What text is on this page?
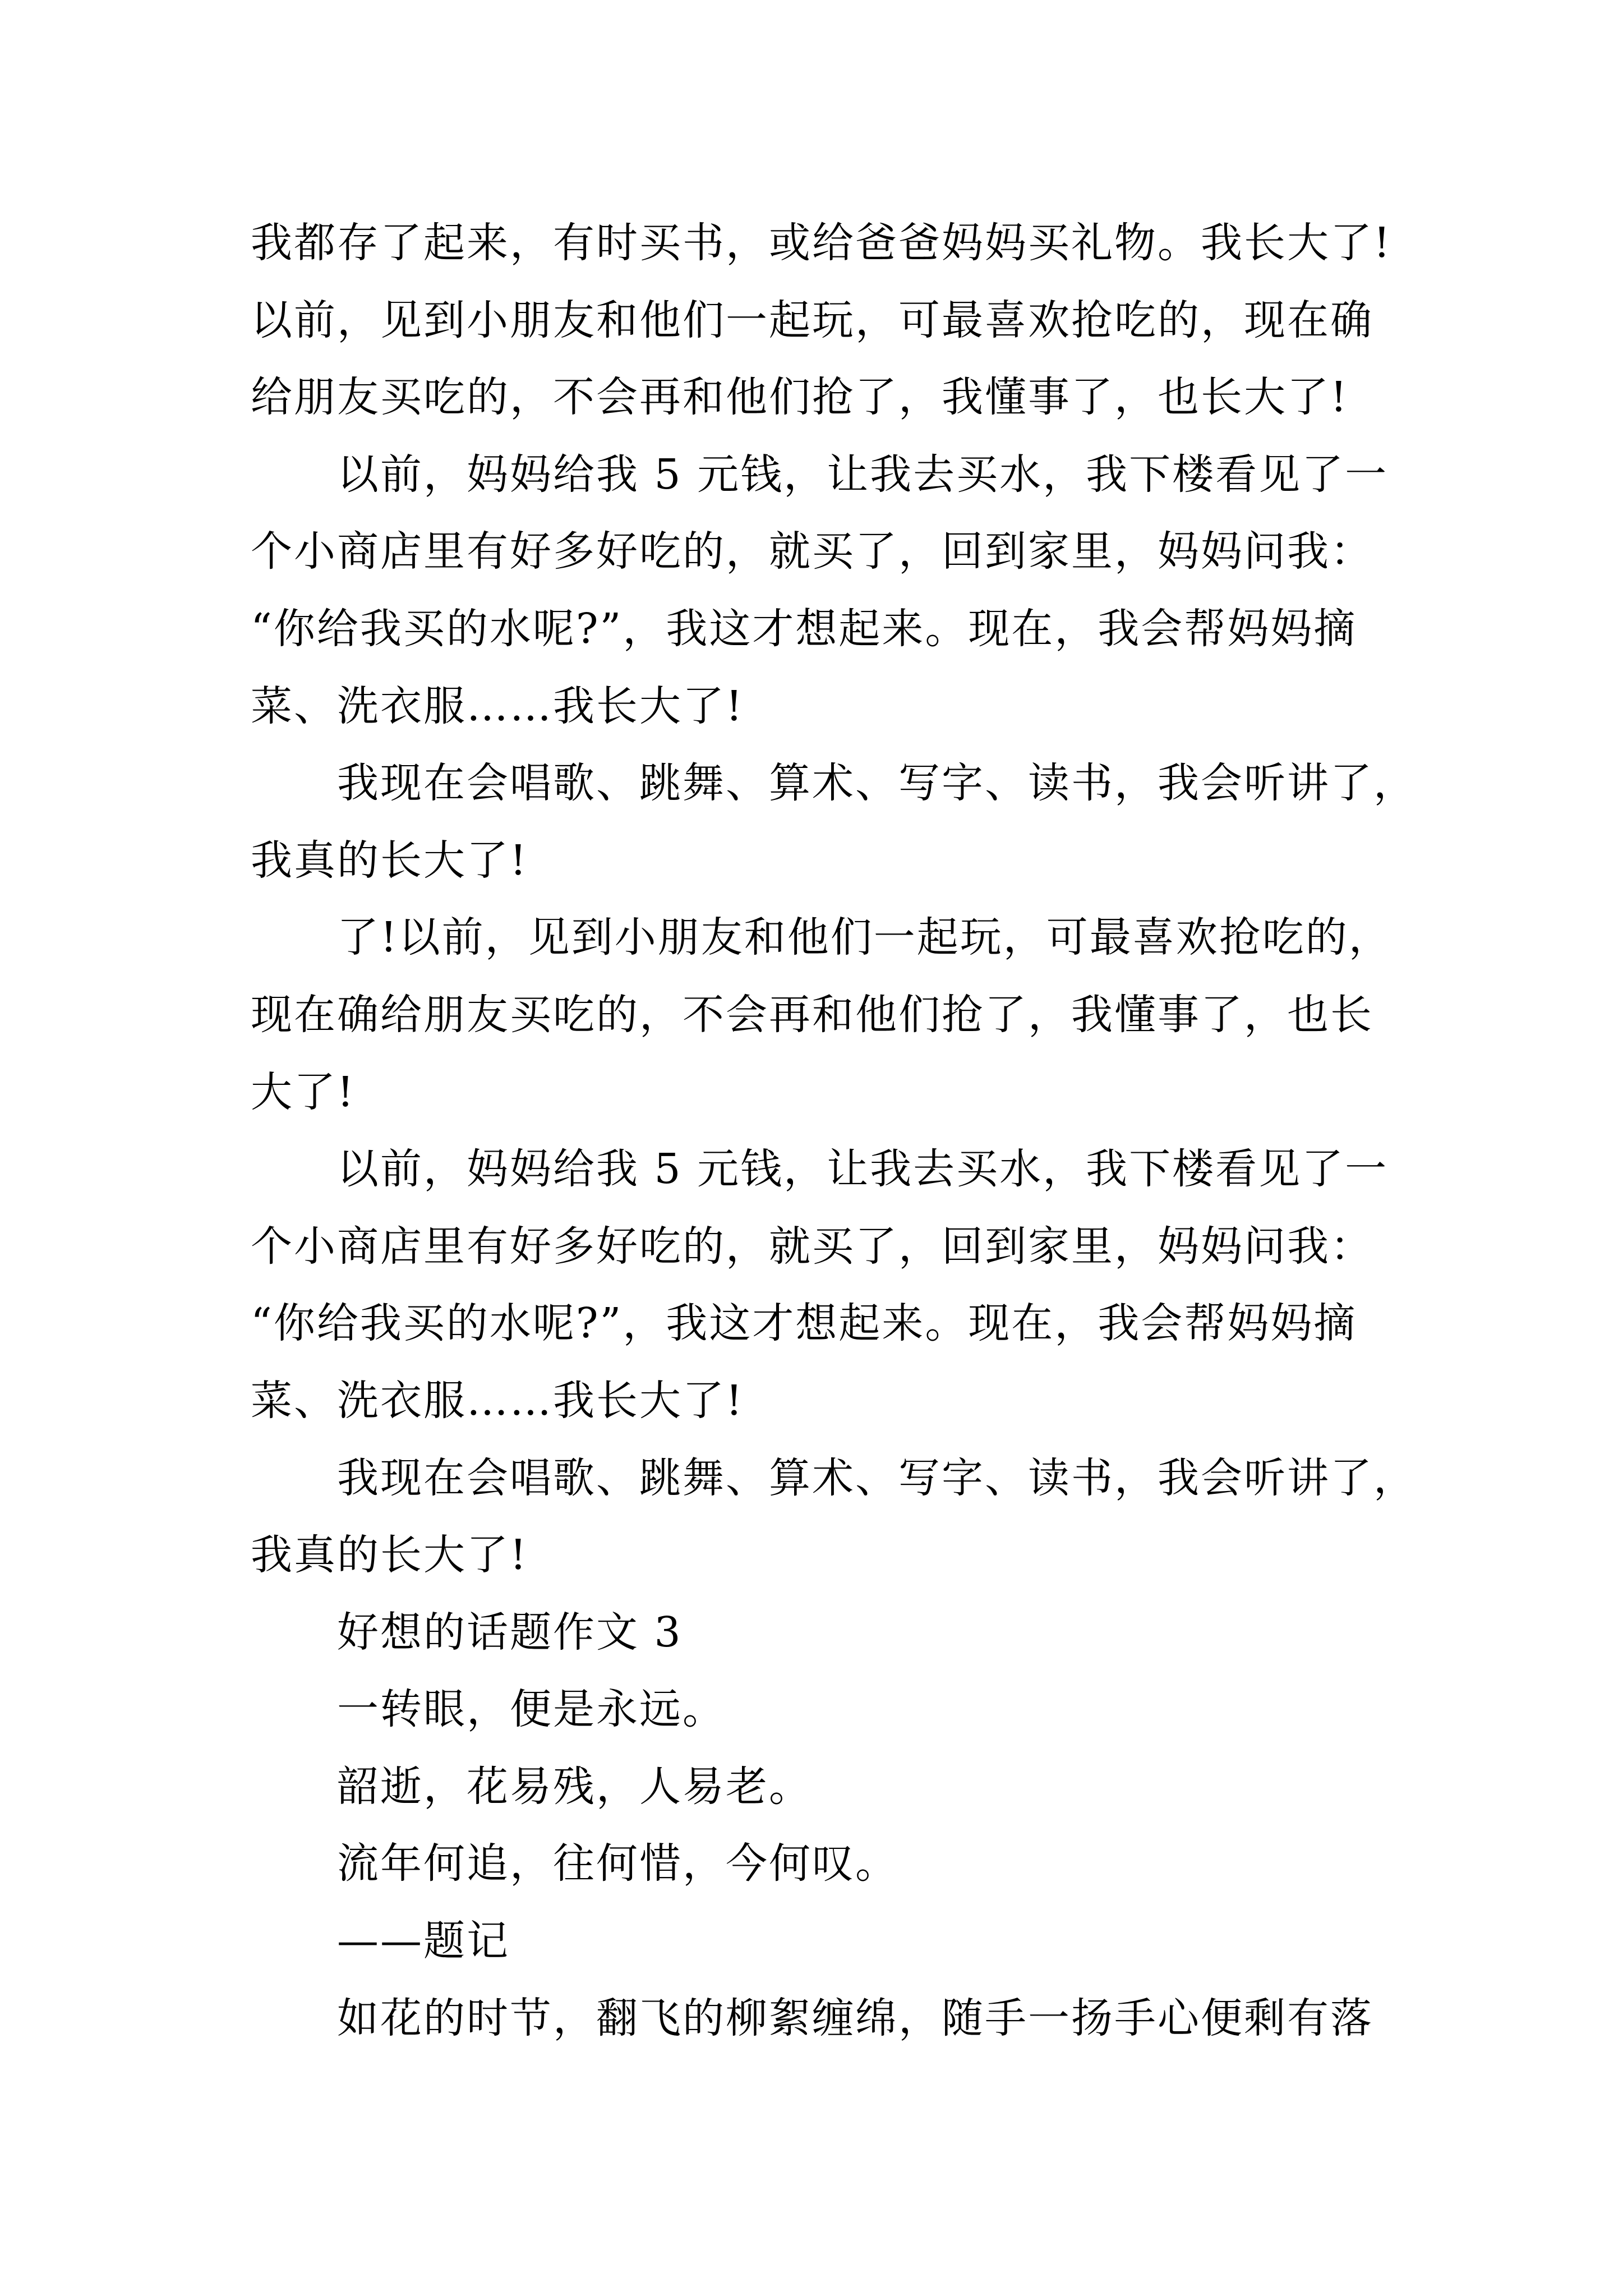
我都存了起来，有时买书，或给爸爸妈妈买礼物。我长大了!
以前，见到小朋友和他们一起玩，可最喜欢抢吃的，现在确
给朋友买吃的，不会再和他们抢了，我懂事了，也长大了!
以前，妈妈给我 5 元钱，让我去买水，我下楼看见了一
个小商店里有好多好吃的，就买了，回到家里，妈妈问我：
“你给我买的水呢?”，我这才想起来。现在，我会帮妈妈摘
菜、洗衣服……我长大了!
我现在会唱歌、跳舞、算术、写字、读书，我会听讲了，
我真的长大了!
了!以前，见到小朋友和他们一起玩，可最喜欢抢吃的，
现在确给朋友买吃的，不会再和他们抢了，我懂事了，也长
大了!
以前，妈妈给我 5 元钱，让我去买水，我下楼看见了一
个小商店里有好多好吃的，就买了，回到家里，妈妈问我：
“你给我买的水呢?”，我这才想起来。现在，我会帮妈妈摘
菜、洗衣服……我长大了!
我现在会唱歌、跳舞、算术、写字、读书，我会听讲了，
我真的长大了!
好想的话题作文 3
一转眼，便是永远。
韶逝，花易残，人易老。
流年何追，往何惜，今何叹。
——题记
如花的时节，翻飞的柳絮缠绵，随手一扬手心便剩有落
